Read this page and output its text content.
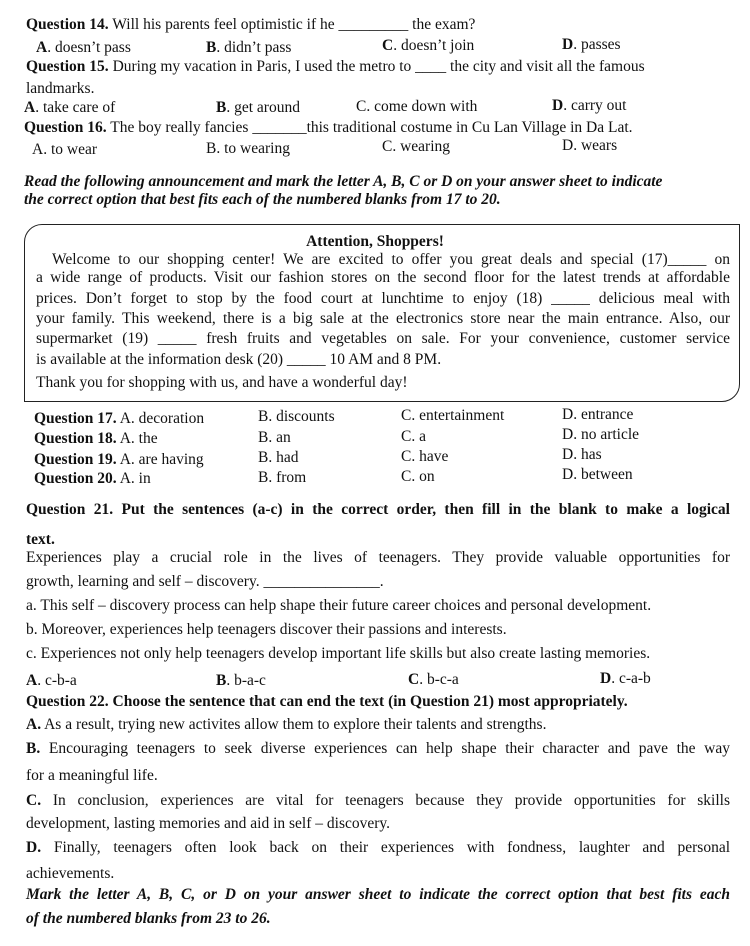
Question 14. Will his parents feel optimistic if he _________ the exam?
A. doesn’t pass	B. didn’t pass	C. doesn’t join	D. passes
Question 15. During my vacation in Paris, I used the metro to ____ the city and visit all the famous
landmarks.
A. take care of	B. get around	C. come down with	D. carry out
Question 16. The boy really fancies _______this traditional costume in Cu Lan Village in Da Lat.
A. to wear	B. to wearing	C. wearing	D. wears
Read the following announcement and mark the letter A, B, C or D on your answer sheet to indicate
the correct option that best fits each of the numbered blanks from 17 to 20.
Attention, Shoppers!
Welcome to our shopping center! We are excited to offer you great deals and special (17)_____ on
a wide range of products. Visit our fashion stores on the second floor for the latest trends at affordable
prices. Don’t forget to stop by the food court at lunchtime to enjoy (18) _____ delicious meal with
your family. This weekend, there is a big sale at the electronics store near the main entrance. Also, our
supermarket (19) _____ fresh fruits and vegetables on sale. For your convenience, customer service
is available at the information desk (20) _____ 10 AM and 8 PM.
Thank you for shopping with us, and have a wonderful day!
Question 17. A. decoration	B. discounts	C. entertainment	D. entrance
Question 18. A. the	B. an	C. a	D. no article
Question 19. A. are having	B. had	C. have	D. has
Question 20. A. in	B. from	C. on	D. between
Question 21. Put the sentences (a-c) in the correct order, then fill in the blank to make a logical
text.
Experiences play a crucial role in the lives of teenagers. They provide valuable opportunities for
growth, learning and self – discovery. _______________.
a. This self – discovery process can help shape their future career choices and personal development.
b. Moreover, experiences help teenagers discover their passions and interests.
c. Experiences not only help teenagers develop important life skills but also create lasting memories.
A. c-b-a	B. b-a-c	C. b-c-a	D. c-a-b
Question 22. Choose the sentence that can end the text (in Question 21) most appropriately.
A. As a result, trying new activites allow them to explore their talents and strengths.
B. Encouraging teenagers to seek diverse experiences can help shape their character and pave the way
for a meaningful life.
C. In conclusion, experiences are vital for teenagers because they provide opportunities for skills
development, lasting memories and aid in self – discovery.
D. Finally, teenagers often look back on their experiences with fondness, laughter and personal
achievements.
Mark the letter A, B, C, or D on your answer sheet to indicate the correct option that best fits each
of the numbered blanks from 23 to 26.
